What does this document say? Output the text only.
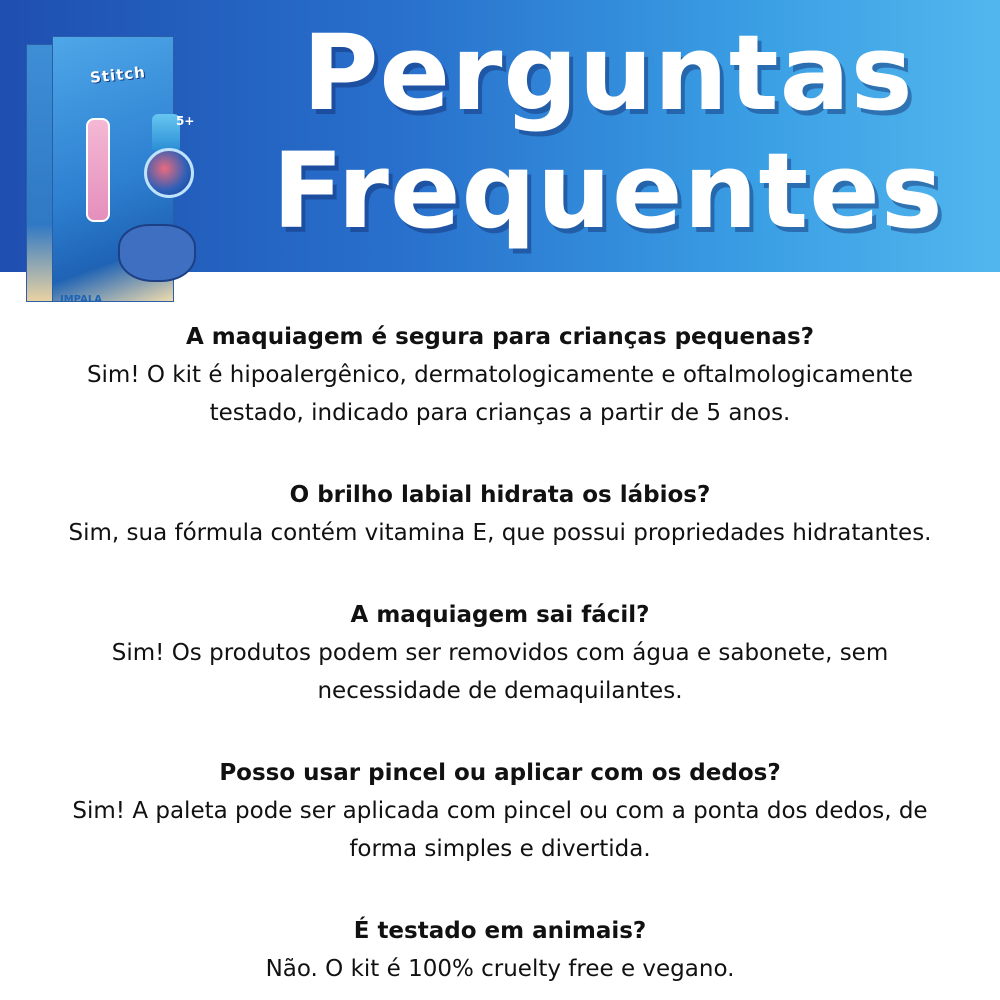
Stitch
5+
IMPALA
Perguntas
Frequentes

A maquiagem é segura para crianças pequenas?

Sim! O kit é hipoalergênico, dermatologicamente e oftalmologicamente
testado, indicado para crianças a partir de 5 anos.

O brilho labial hidrata os lábios?

Sim, sua fórmula contém vitamina E, que possui propriedades hidratantes.

A maquiagem sai fácil?

Sim! Os produtos podem ser removidos com água e sabonete, sem
necessidade de demaquilantes.

Posso usar pincel ou aplicar com os dedos?

Sim! A paleta pode ser aplicada com pincel ou com a ponta dos dedos, de
forma simples e divertida.

É testado em animais?

Não. O kit é 100% cruelty free e vegano.
